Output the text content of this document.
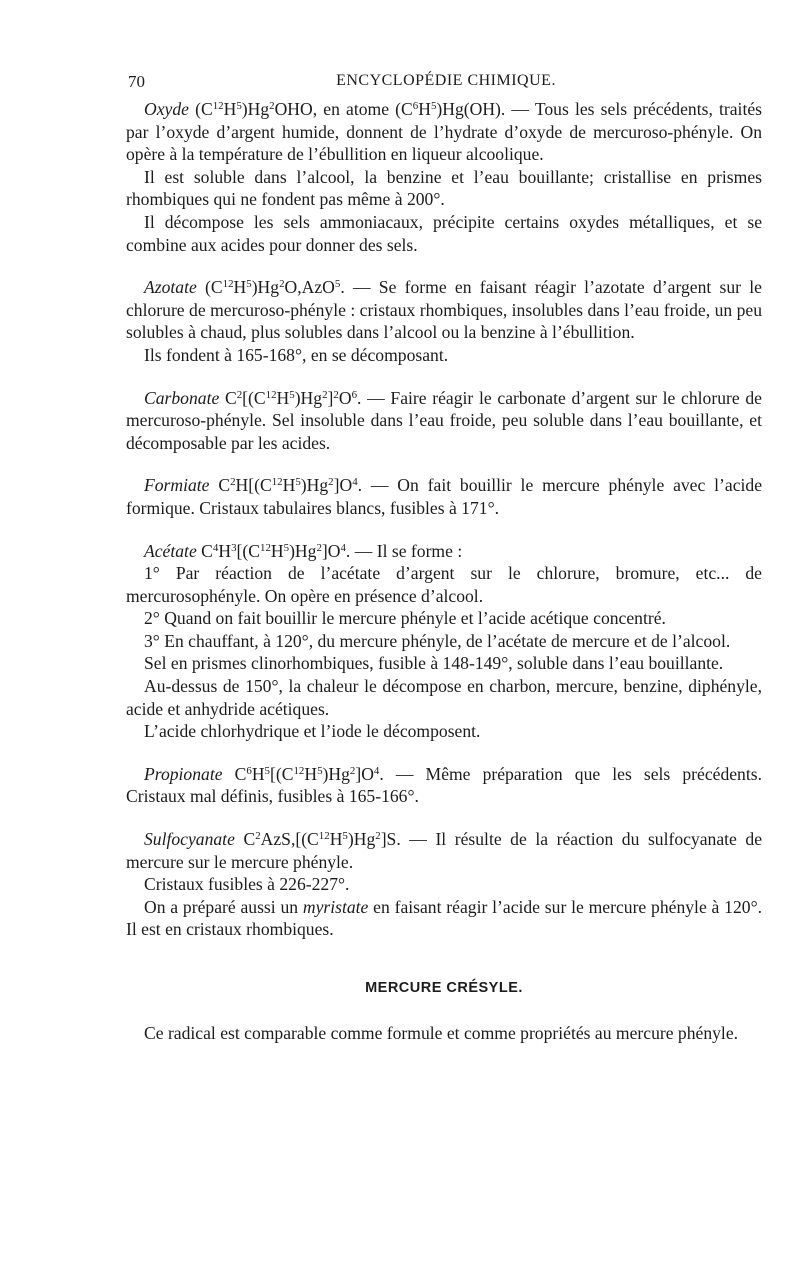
70	ENCYCLOPÉDIE CHIMIQUE.

Oxyde $(C^{12}H^5)Hg^2OHO$, en atome $(C^6H^5)Hg(OH)$. — Tous les sels précédents, traités par l’oxyde d’argent humide, donnent de l’hydrate d’oxyde de mercuroso-phényle. On opère à la température de l’ébullition en liqueur alcoolique.

Il est soluble dans l’alcool, la benzine et l’eau bouillante; cristallise en prismes rhombiques qui ne fondent pas même à 200°.

Il décompose les sels ammoniacaux, précipite certains oxydes métalliques, et se combine aux acides pour donner des sels.

Azotate $(C^{12}H^5)Hg^2O,AzO^5$. — Se forme en faisant réagir l’azotate d’argent sur le chlorure de mercuroso-phényle : cristaux rhombiques, insolubles dans l’eau froide, un peu solubles à chaud, plus solubles dans l’alcool ou la benzine à l’ébullition.

Ils fondent à 165-168°, en se décomposant.

Carbonate $C^2[(C^{12}H^5)Hg^2]^2O^6$. — Faire réagir le carbonate d’argent sur le chlorure de mercuroso-phényle. Sel insoluble dans l’eau froide, peu soluble dans l’eau bouillante, et décomposable par les acides.

Formiate $C^2H[(C^{12}H^5)Hg^2]O^4$. — On fait bouillir le mercure phényle avec l’acide formique. Cristaux tabulaires blancs, fusibles à 171°.

Acétate $C^4H^3[(C^{12}H^5)Hg^2]O^4$. — Il se forme :

1° Par réaction de l’acétate d’argent sur le chlorure, bromure, etc... de mercurosophényle. On opère en présence d’alcool.

2° Quand on fait bouillir le mercure phényle et l’acide acétique concentré.

3° En chauffant, à 120°, du mercure phényle, de l’acétate de mercure et de l’alcool.

Sel en prismes clinorhombiques, fusible à 148-149°, soluble dans l’eau bouillante.

Au-dessus de 150°, la chaleur le décompose en charbon, mercure, benzine, diphényle, acide et anhydride acétiques.

L’acide chlorhydrique et l’iode le décomposent.

Propionate $C^6H^5[(C^{12}H^5)Hg^2]O^4$. — Même préparation que les sels précédents. Cristaux mal définis, fusibles à 165-166°.

Sulfocyanate $C^2AzS,[(C^{12}H^5)Hg^2]S$. — Il résulte de la réaction du sulfocyanate de mercure sur le mercure phényle.

Cristaux fusibles à 226-227°.

On a préparé aussi un myristate en faisant réagir l’acide sur le mercure phényle à 120°. Il est en cristaux rhombiques.

MERCURE CRÉSYLE.

Ce radical est comparable comme formule et comme propriétés au mercure phényle.
